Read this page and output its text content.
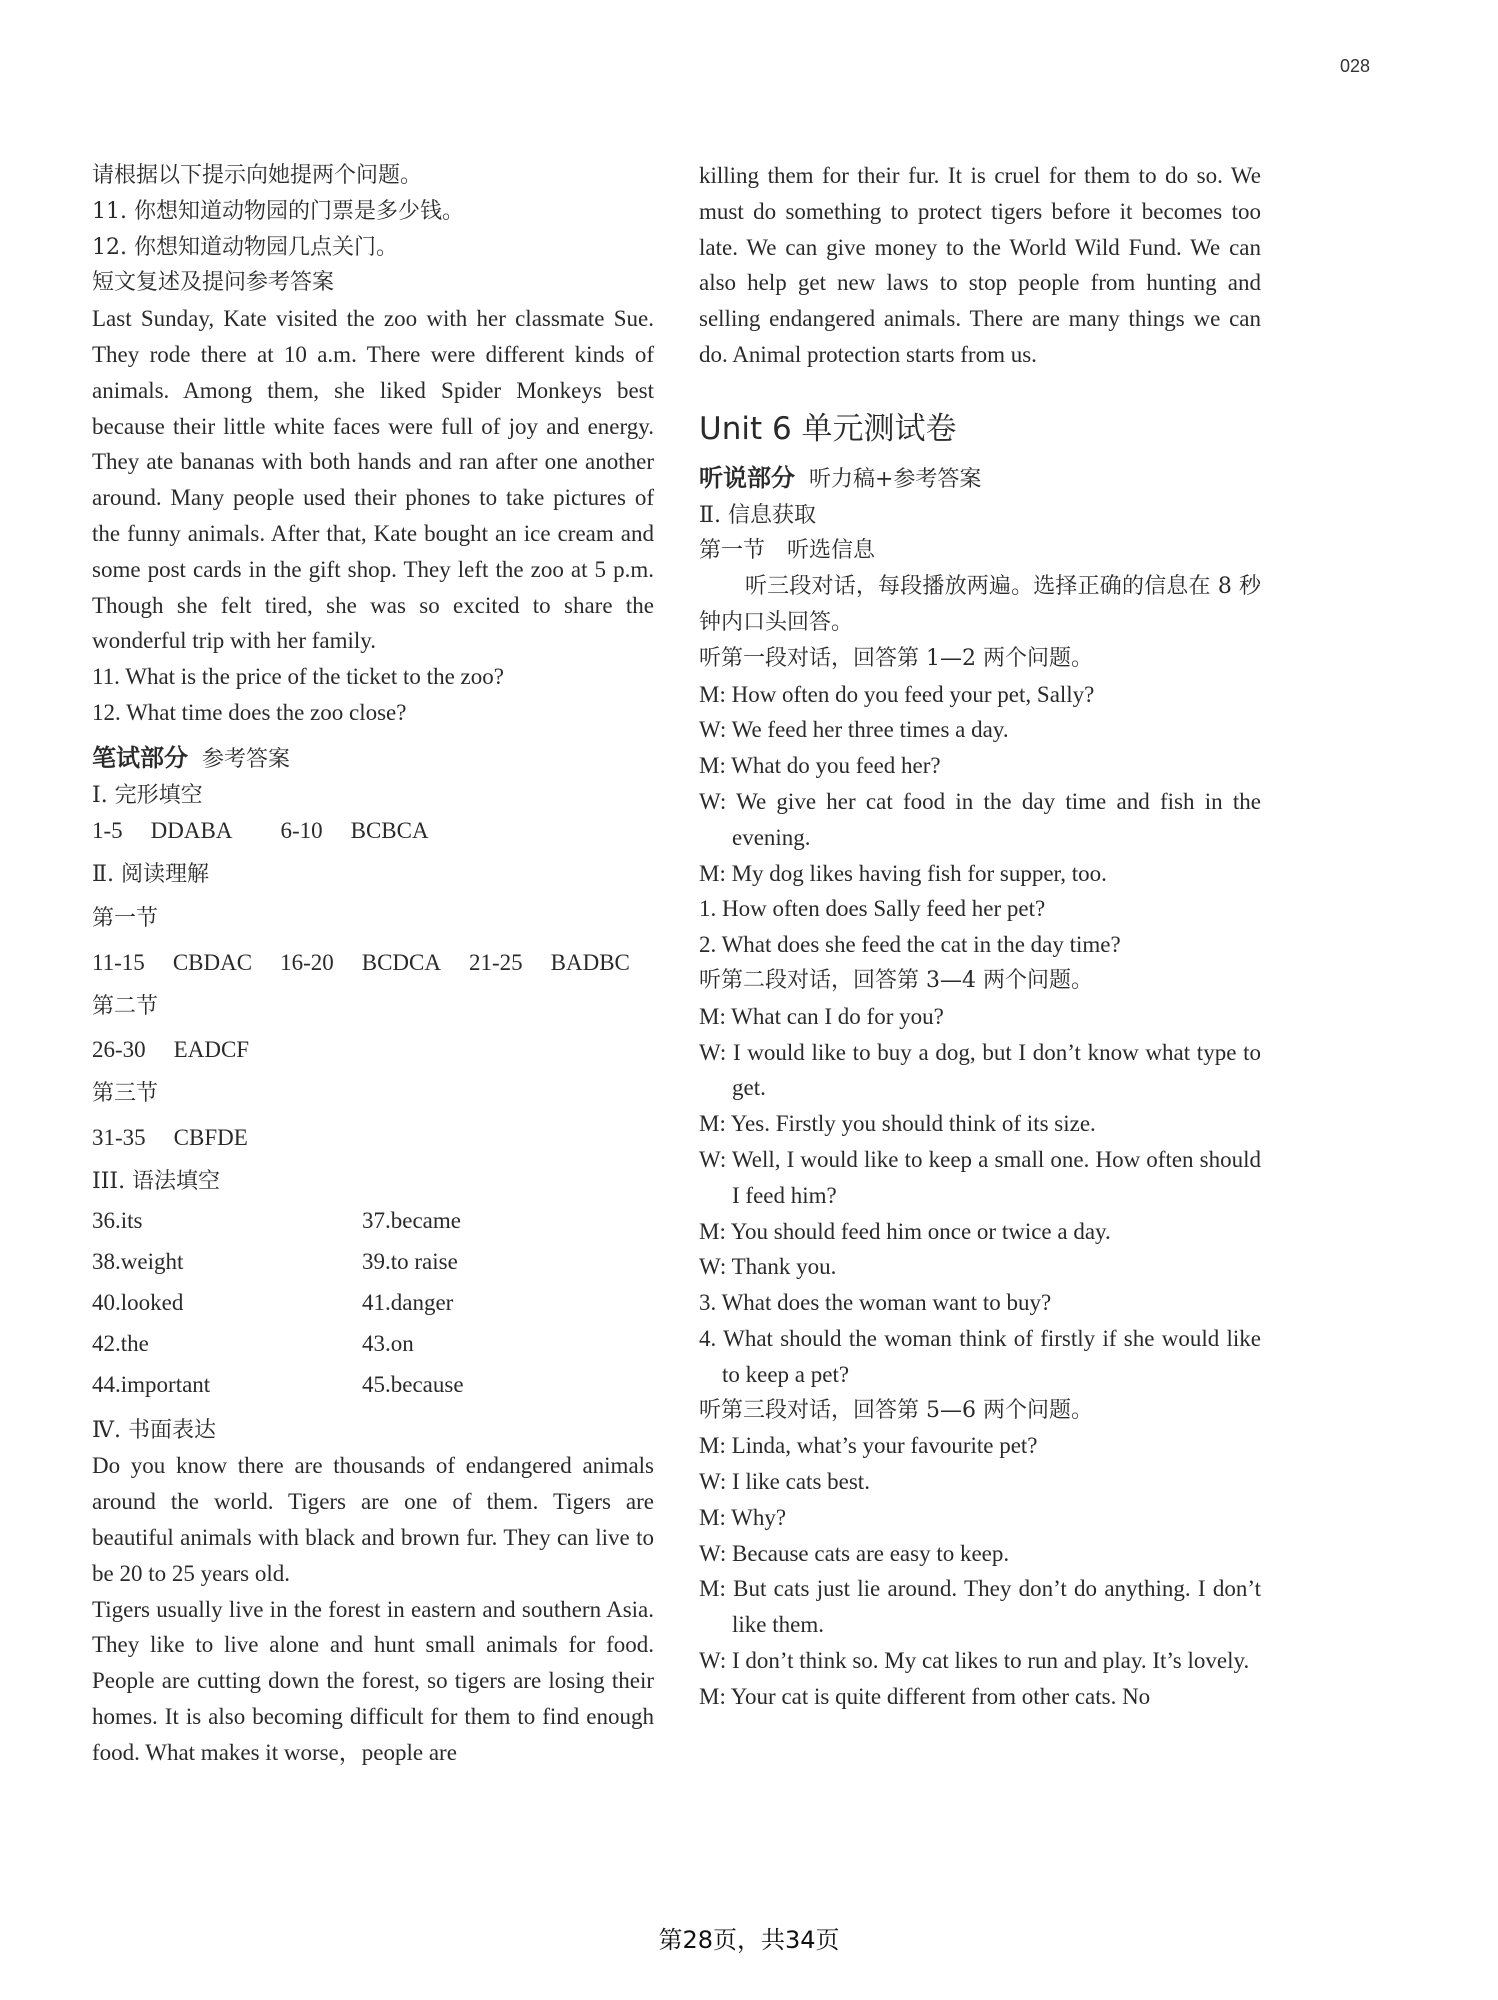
028
请根据以下提示向她提两个问题。
11. 你想知道动物园的门票是多少钱。
12. 你想知道动物园几点关门。
短文复述及提问参考答案

Last Sunday, Kate visited the zoo with her classmate Sue. They rode there at 10 a.m. There were different kinds of animals. Among them, she liked Spider Monkeys best because their little white faces were full of joy and energy. They ate bananas with both hands and ran after one another around. Many people used their phones to take pictures of the funny animals. After that, Kate bought an ice cream and some post cards in the gift shop. They left the zoo at 5 p.m. Though she felt tired, she was so excited to share the wonderful trip with her family.

11. What is the price of the ticket to the zoo?
12. What time does the zoo close?
笔试部分 参考答案
Ⅰ. 完形填空
1-5 DDABA 6-10 BCBCA
Ⅱ. 阅读理解
第一节
11-15 CBDAC 16-20 BCDCA 21-25 BADBC
第二节
26-30 EADCF
第三节
31-35 CBFDE
III. 语法填空
36.its	37.became
38.weight	39.to raise
40.looked	41.danger
42.the	43.on
44.important	45.because
Ⅳ. 书面表达

Do you know there are thousands of endangered animals around the world. Tigers are one of them. Tigers are beautiful animals with black and brown fur. They can live to be 20 to 25 years old.

Tigers usually live in the forest in eastern and southern Asia. They like to live alone and hunt small animals for food. People are cutting down the forest, so tigers are losing their homes. It is also becoming difficult for them to find enough food. What makes it worse，people are

killing them for their fur. It is cruel for them to do so. We must do something to protect tigers before it becomes too late. We can give money to the World Wild Fund. We can also help get new laws to stop people from hunting and selling endangered animals. There are many things we can do. Animal protection starts from us.

Unit 6 单元测试卷
听说部分 听力稿+参考答案
Ⅱ. 信息获取
第一节　听选信息
听三段对话，每段播放两遍。选择正确的信息在 8 秒钟内口头回答。
听第一段对话，回答第 1—2 两个问题。
M: How often do you feed your pet, Sally?
W: We feed her three times a day.
M: What do you feed her?
W: We give her cat food in the day time and fish in the evening.
M: My dog likes having fish for supper, too.
1. How often does Sally feed her pet?
2. What does she feed the cat in the day time?
听第二段对话，回答第 3—4 两个问题。
M: What can I do for you?
W: I would like to buy a dog, but I don’t know what type to get.
M: Yes. Firstly you should think of its size.
W: Well, I would like to keep a small one. How often should I feed him?
M: You should feed him once or twice a day.
W: Thank you.
3. What does the woman want to buy?
4. What should the woman think of firstly if she would like to keep a pet?
听第三段对话，回答第 5—6 两个问题。
M: Linda, what’s your favourite pet?
W: I like cats best.
M: Why?
W: Because cats are easy to keep.
M: But cats just lie around. They don’t do anything. I don’t like them.
W: I don’t think so. My cat likes to run and play. It’s lovely.
M: Your cat is quite different from other cats. No
第28页，共34页
